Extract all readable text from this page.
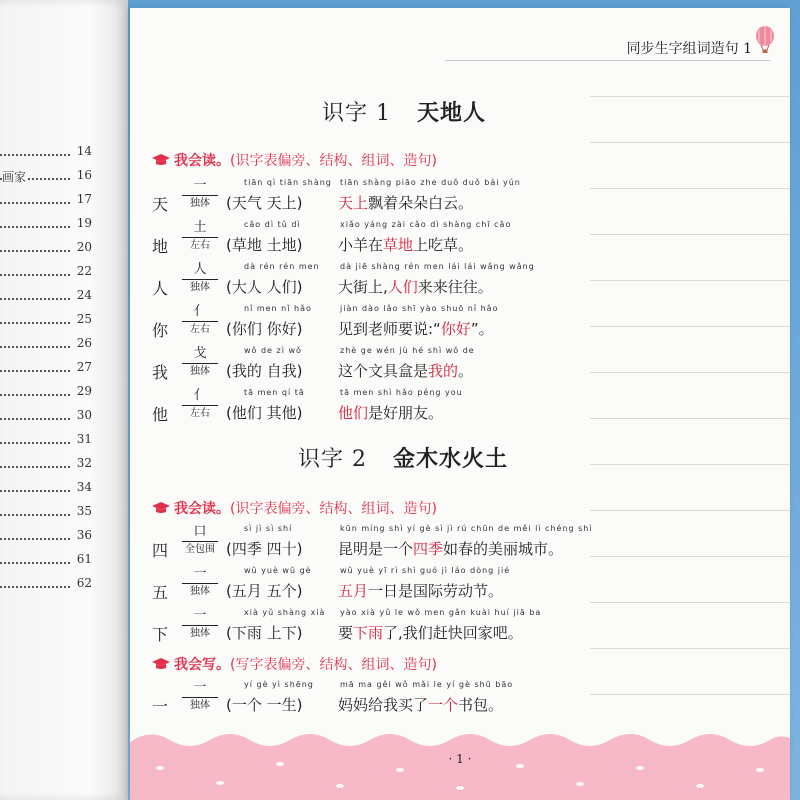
14
画家	16
17
19
20
22
24
25
26
27
29
30
31
32
34
35
36
61
62
同步生字组词造句 1
· 1 ·
识字 1 天地人
我会读。(识字表偏旁、结构、组词、造句)
天
一
独体
tiān qì tiān shàng
(天气 天上)
tiān shàng piāo zhe duǒ duǒ bái yún
天上飘着朵朵白云。
地
土
左右
cǎo dì tǔ dì
(草地 土地)
xiǎo yáng zài cǎo dì shàng chī cǎo
小羊在草地上吃草。
人
人
独体
dà rén rén men
(大人 人们)
dà jiē shàng rén men lái lái wǎng wǎng
大街上,人们来来往往。
你
亻
左右
nǐ men nǐ hǎo
(你们 你好)
jiàn dào lǎo shī yào shuō nǐ hǎo
见到老师要说:“你好”。
我
戈
独体
wǒ de zì wǒ
(我的 自我)
zhè ge wén jù hé shì wǒ de
这个文具盒是我的。
他
亻
左右
tā men qí tā
(他们 其他)
tā men shì hǎo péng you
他们是好朋友。
识字 2 金木水火土
我会读。(识字表偏旁、结构、组词、造句)
四
口
全包围
sì jì sì shí
(四季 四十)
kūn míng shì yí gè sì jì rú chūn de měi lì chéng shì
昆明是一个四季如春的美丽城市。
五
一
独体
wǔ yuè wǔ gè
(五月 五个)
wǔ yuè yī rì shì guó jì láo dòng jié
五月一日是国际劳动节。
下
一
独体
xià yǔ shàng xià
(下雨 上下)
yào xià yǔ le wǒ men gǎn kuài huí jiā ba
要下雨了,我们赶快回家吧。
我会写。(写字表偏旁、结构、组词、造句)
一
一
独体
yí gè yì shēng
(一个 一生)
mā ma gěi wǒ mǎi le yí gè shū bāo
妈妈给我买了一个书包。
